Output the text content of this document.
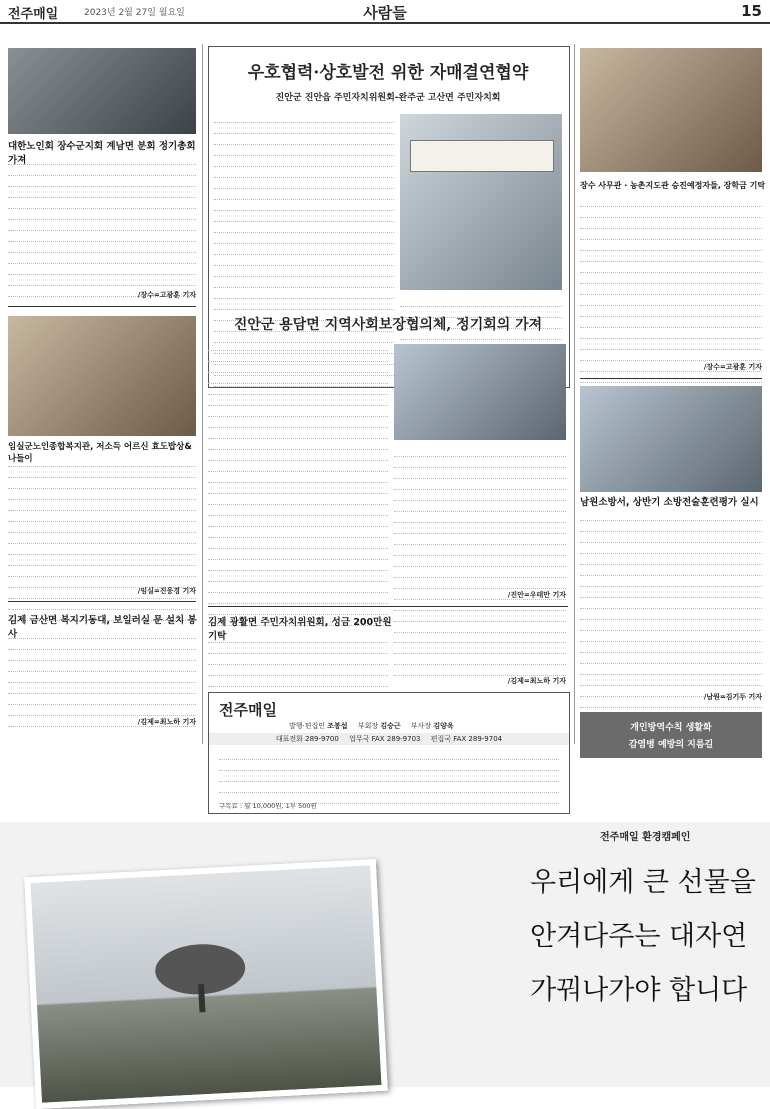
전주매일	2023년 2월 27일 월요일	사람들	15
대한노인회 장수군지회 계남면 분회 정기총회 가져
/장수=고광훈 기자
임실군노인종합복지관, 저소득 어르신 효도밥상&나들이
/임실=진웅경 기자
김제 금산면 복지기동대, 보일러실 문 설치 봉사
/김제=최노하 기자
우호협력·상호발전 위한 자매결연협약
진안군 진안읍 주민자치위원회-완주군 고산면 주민자치회
진안군 용담면 지역사회보장협의체, 정기회의 가져
/진안=우태만 기자
김제 광활면 주민자치위원회, 성금 200만원 기탁
/김제=최노하 기자
전주매일
발행·편집인 조봉섭 부회장 김승근 부사장 김양옥
대표전화 289-9700 업무국 FAX 289-9703 편집국 FAX 289-9704
구독료 : 월 10,000원, 1부 500원
장수 사무관 · 농촌지도관 승진예정자들, 장학금 기탁
/장수=고광훈 기자
남원소방서, 상반기 소방전술훈련평가 실시
/남원=김기두 기자
개인방역수칙 생활화
감염병 예방의 지름길
전주매일 환경캠페인
우리에게 큰 선물을
안겨다주는 대자연
가꿔나가야 합니다
